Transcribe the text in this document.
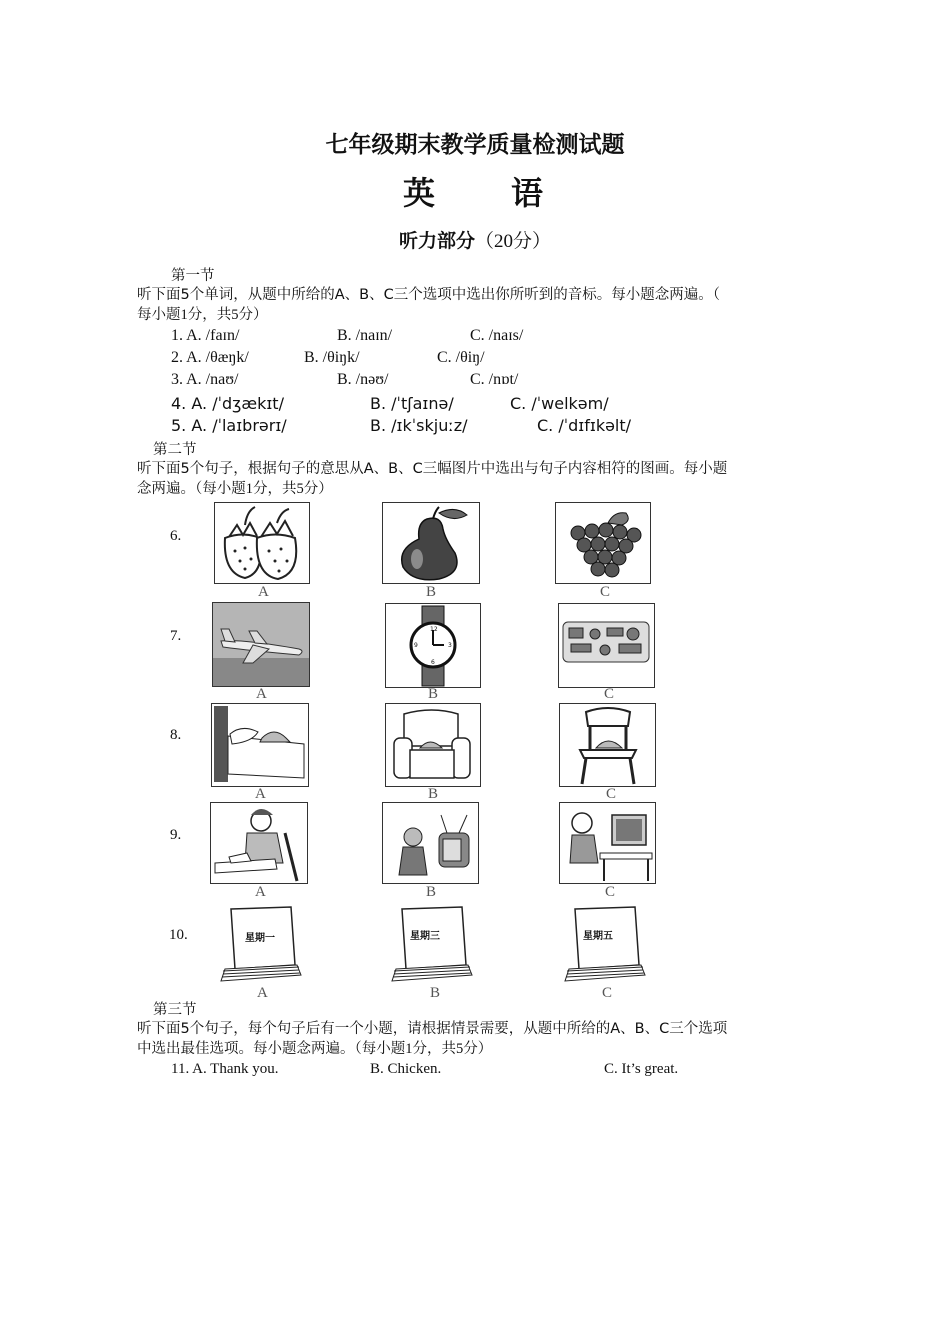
七年级期末教学质量检测试题
英　　语
听力部分（20分）
第一节
听下面5个单词，从题中所给的A、B、C三个选项中选出你所听到的音标。每小题念两遍。（
每小题1分，共5分）
1. A. /faɪn/	B. /naɪn/	C. /naɪs/
2. A. /θæŋk/	B. /θiŋk/	C. /θiŋ/
3. A. /naʊ/	B. /nəʊ/	C. /nɒt/
4. A. /ˈdʒækɪt/	B. /ˈtʃaɪnə/	C. /ˈwelkəm/
5. A. /ˈlaɪbrərɪ/	B. /ɪkˈskjuːz/	C. /ˈdɪfɪkəlt/
第二节
听下面5个句子，根据句子的意思从A、B、C三幅图片中选出与句子内容相符的图画。每小题
念两遍。（每小题1分，共5分）
6.
A	B	C
7.
A
12
3
6
9
B	C
8.
A	B	C
9.
A	B	C
10.	星期一
A
星期三
B
星期五
C
第三节
听下面5个句子，每个句子后有一个小题，请根据情景需要，从题中所给的A、B、C三个选项
中选出最佳选项。每小题念两遍。（每小题1分，共5分）
11. A. Thank you.	B. Chicken.	C. It’s great.
